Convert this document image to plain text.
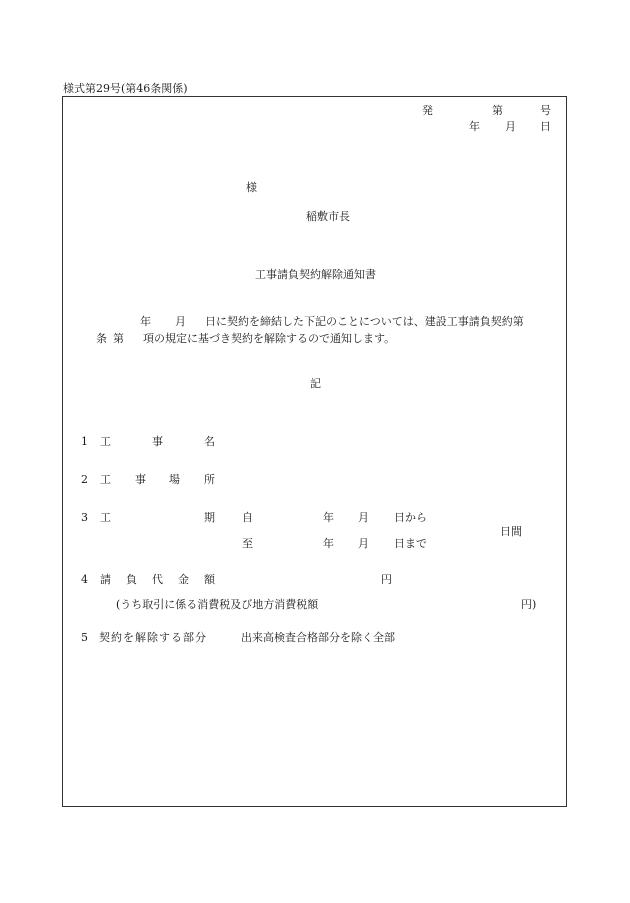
様式第29号(第46条関係)
発	第	号
年 月 日
様
稲敷市長
工事請負契約解除通知書
年 月 日に契約を締結した下記のことについては、建設工事請負契約第
条 第 項の規定に基づき契約を解除するので通知します。
記
1 工	事	名
2 工 事 場 所
3 工	期 自	年 月 日から
日間
至	年 月 日まで
4 請 負 代 金 額	円
(うち取引に係る消費税及び地方消費税額	円)
5 契約を解除する部分	出来高検査合格部分を除く全部
